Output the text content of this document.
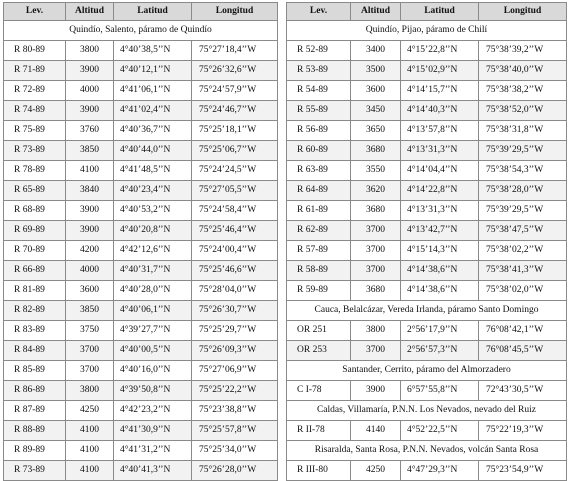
Lev.	Altitud	Latitud	Longitud
Quindío, Salento, páramo de Quindío			
R 80-89	3800	4°40’38,5’’N	75°27’18,4’’W
R 71-89	3900	4°40’12,1’’N	75°26’32,6’’W
R 72-89	4000	4°41’06,1’’N	75°24’57,9’’W
R 74-89	3900	4°41’02,4’’N	75°24’46,7’’W
R 75-89	3760	4°40’36,7’’N	75°25’18,1’’W
R 73-89	3850	4°40’44,0’’N	75°25’06,7’’W
R 78-89	4100	4°41’48,5’’N	75°24’24,5’’W
R 65-89	3840	4°40’23,4’’N	75°27’05,5’’W
R 68-89	3900	4°40’53,2’’N	75°24’58,4’’W
R 69-89	3900	4°40’20,8’’N	75°25’46,4’’W
R 70-89	4200	4°42’12,6’’N	75°24’00,4’’W
R 66-89	4000	4°40’31,7’’N	75°25’46,6’’W
R 81-89	3600	4°40’28,0’’N	75°28’04,0’’W
R 82-89	3850	4°40’06,1’’N	75°26’30,7’’W
R 83-89	3750	4°39’27,7’’N	75°25’29,7’’W
R 84-89	3700	4°40’00,5’’N	75°26’09,3’’W
R 85-89	3700	4°40’16,0’’N	75°27’06,9’’W
R 86-89	3800	4°39’50,8’’N	75°25’22,2’’W
R 87-89	4250	4°42’23,2’’N	75°23’38,8’’W
R 88-89	4100	4°41’30,9’’N	75°25’57,8’’W
R 89-89	4100	4°41’31,2’’N	75°25’34,0’’W
R 73-89	4100	4°40’41,3’’N	75°26’28,0’’W
Lev.	Altitud	Latitud	Longitud
Quindío, Pijao, páramo de Chilí			
R 52-89	3400	4°15’22,8’’N	75°38’39,2’’W
R 53-89	3500	4°15’02,9’’N	75°38’40,0’’W
R 54-89	3600	4°14’15,7’’N	75°38’38,2’’W
R 55-89	3450	4°14’40,3’’N	75°38’52,0’’W
R 56-89	3650	4°13’57,8’’N	75°38’31,8’’W
R 60-89	3680	4°13’31,3’’N	75°39’29,5’’W
R 63-89	3550	4°14’04,4’’N	75°38’54,3’’W
R 64-89	3620	4°14’22,8’’N	75°38’28,0’’W
R 61-89	3680	4°13’31,3’’N	75°39’29,5’’W
R 62-89	3700	4°13’42,7’’N	75°38’47,5’’W
R 57-89	3700	4°15’14,3’’N	75°38’02,2’’W
R 58-89	3700	4°14’38,6’’N	75°38’41,3’’W
R 59-89	3680	4°14’38,6’’N	75°38’02,0’’W
Cauca, Belalcázar, Vereda Irlanda, páramo Santo Domingo			
OR 251	3800	2°56’17,9’’N	76°08’42,1’’W
OR 253	3700	2°56’57,3’’N	76°08’45,5’’W
Santander, Cerrito, páramo del Almorzadero			
C I-78	3900	6°57’55,8’’N	72°43’30,5’’W
Caldas, Villamaría, P.N.N. Los Nevados, nevado del Ruiz			
R II-78	4140	4°52’22,5’’N	75°22’19,3’’W
Risaralda, Santa Rosa, P.N.N. Nevados, volcán Santa Rosa			
R III-80	4250	4°47’29,3’’N	75°23’54,9’’W
